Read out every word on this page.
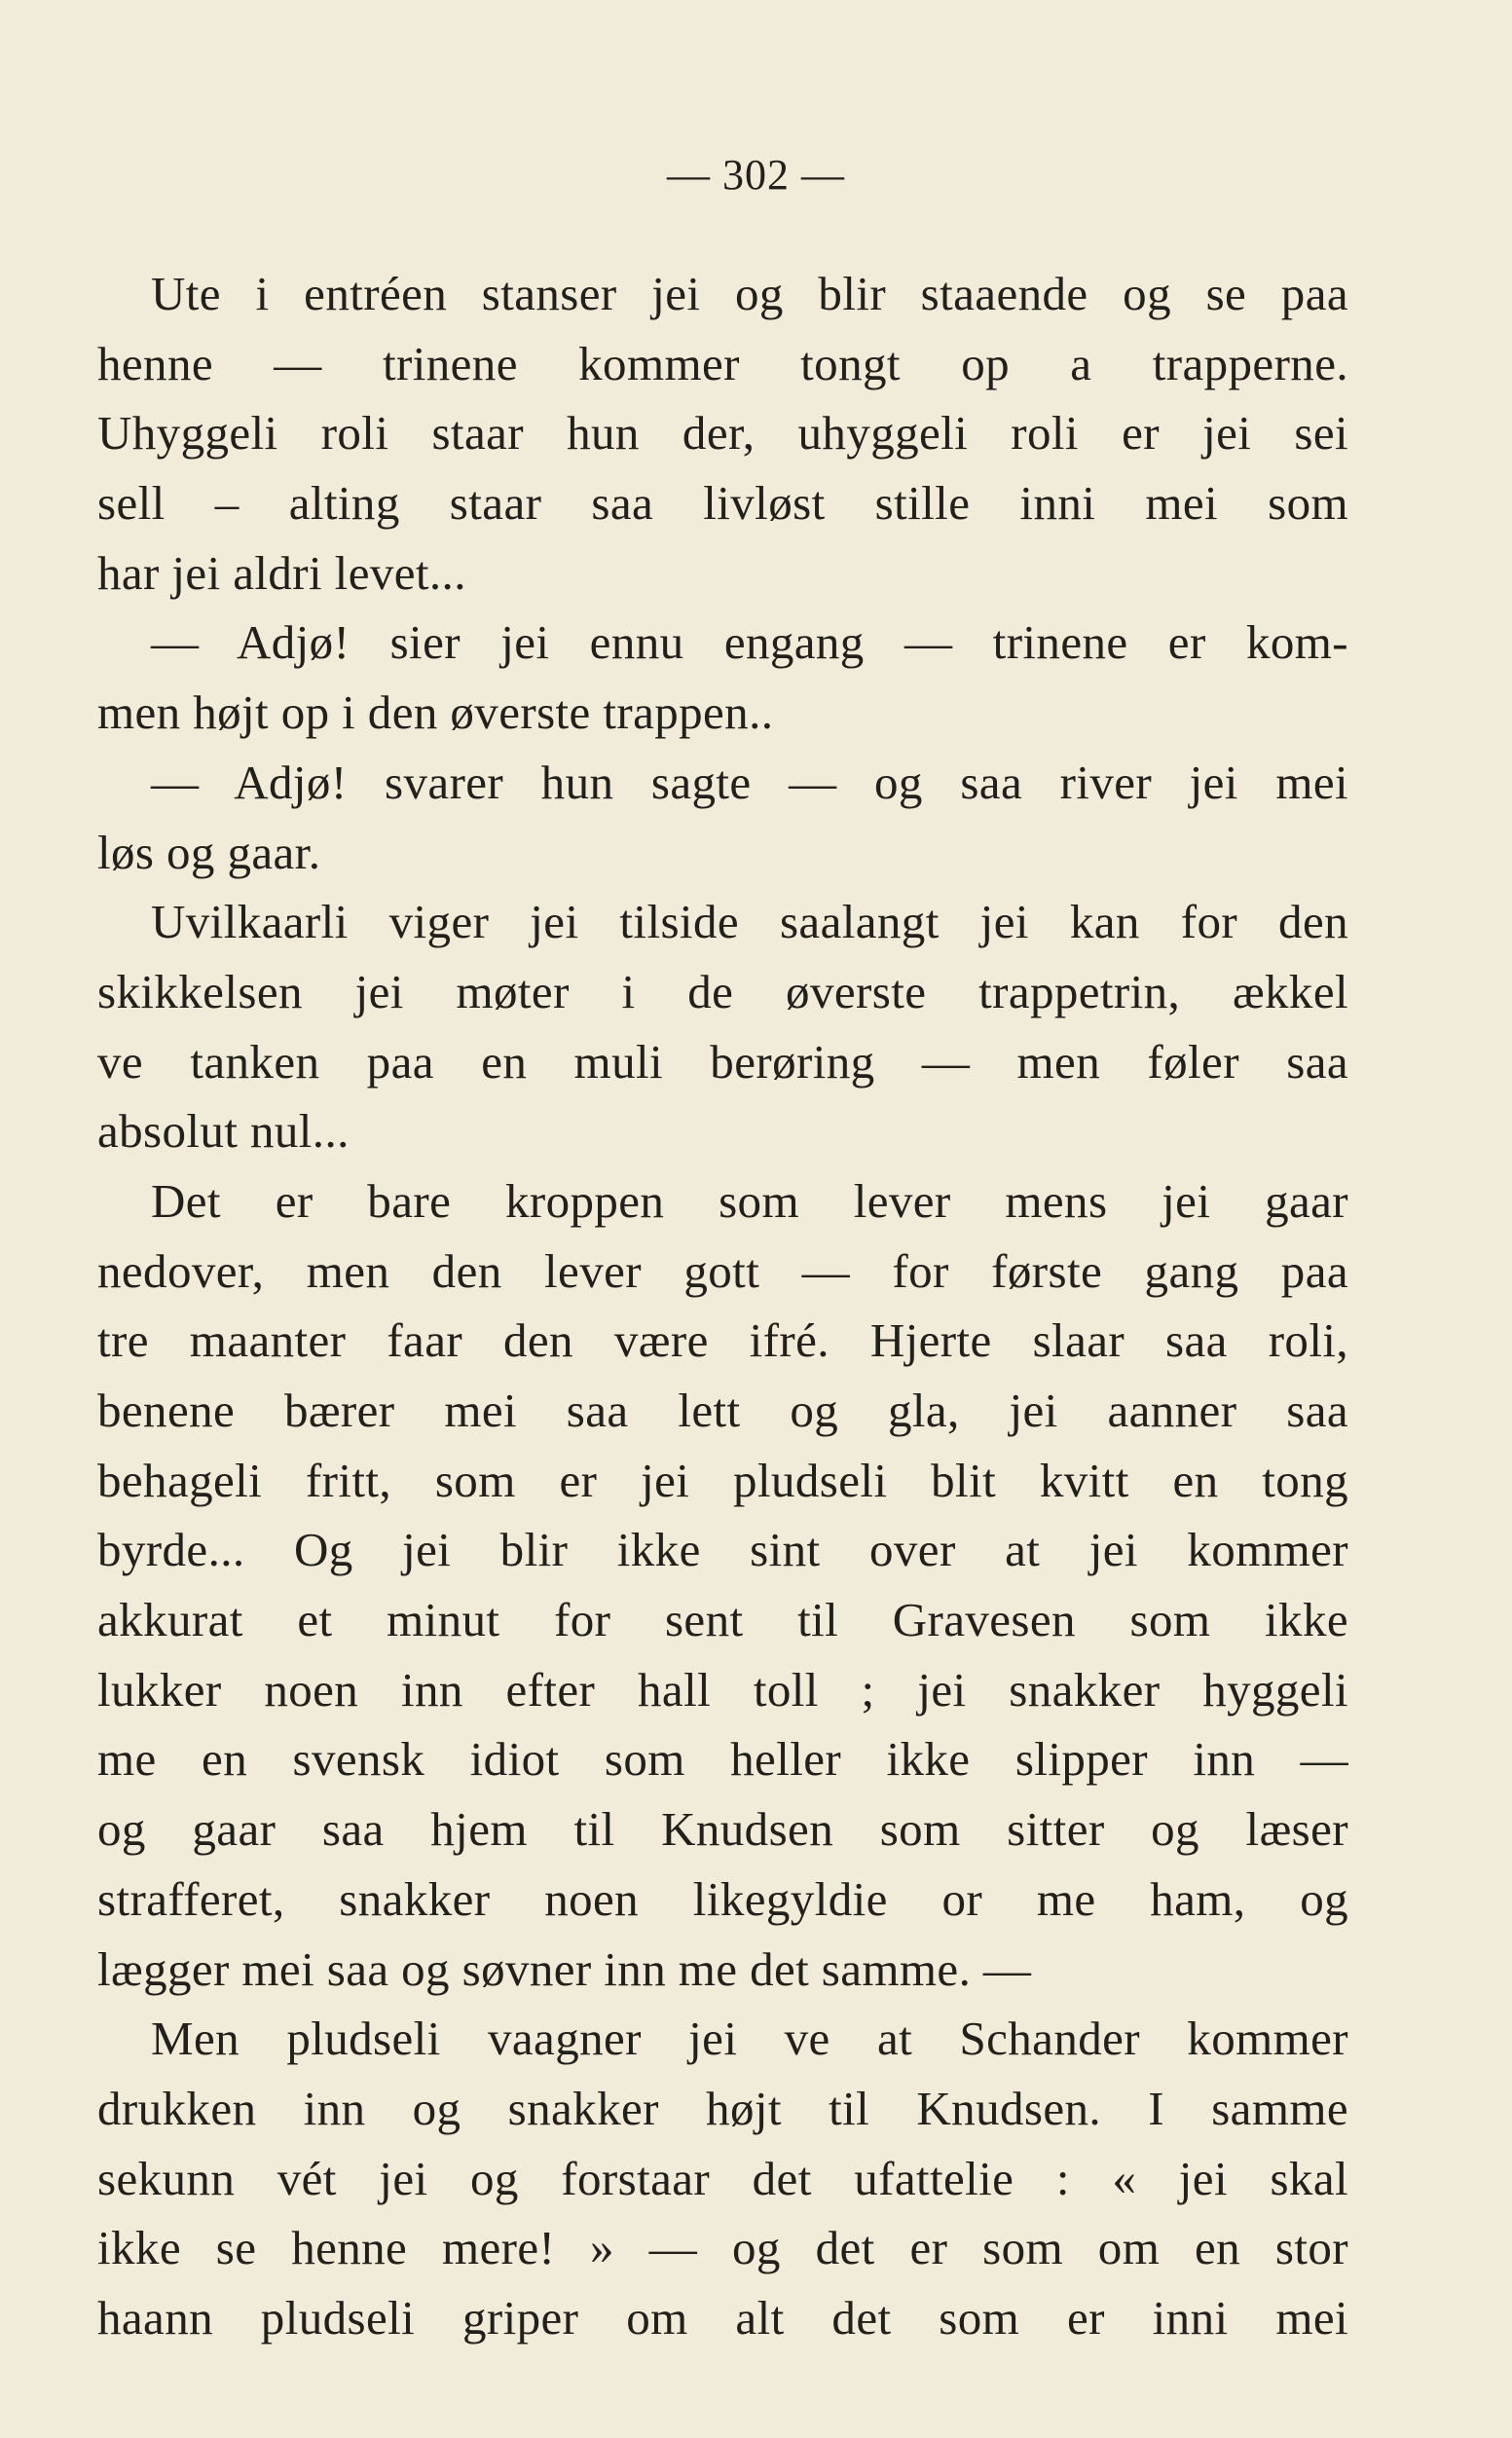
— 302 —
Ute i entréen stanser jei og blir staaende og se paa
henne — trinene kommer tongt op a trapperne.
Uhyggeli roli staar hun der, uhyggeli roli er jei sei
sell – alting staar saa livløst stille inni mei som
har jei aldri levet...
— Adjø! sier jei ennu engang — trinene er kom-
men højt op i den øverste trappen..
— Adjø! svarer hun sagte — og saa river jei mei
løs og gaar.
Uvilkaarli viger jei tilside saalangt jei kan for den
skikkelsen jei møter i de øverste trappetrin, ækkel
ve tanken paa en muli berøring — men føler saa
absolut nul...
Det er bare kroppen som lever mens jei gaar
nedover, men den lever gott — for første gang paa
tre maanter faar den være ifré. Hjerte slaar saa roli,
benene bærer mei saa lett og gla, jei aanner saa
behageli fritt, som er jei pludseli blit kvitt en tong
byrde... Og jei blir ikke sint over at jei kommer
akkurat et minut for sent til Gravesen som ikke
lukker noen inn efter hall toll ; jei snakker hyggeli
me en svensk idiot som heller ikke slipper inn —
og gaar saa hjem til Knudsen som sitter og læser
strafferet, snakker noen likegyldie or me ham, og
lægger mei saa og søvner inn me det samme. —
Men pludseli vaagner jei ve at Schander kommer
drukken inn og snakker højt til Knudsen. I samme
sekunn vét jei og forstaar det ufattelie : « jei skal
ikke se henne mere! » — og det er som om en stor
haann pludseli griper om alt det som er inni mei
